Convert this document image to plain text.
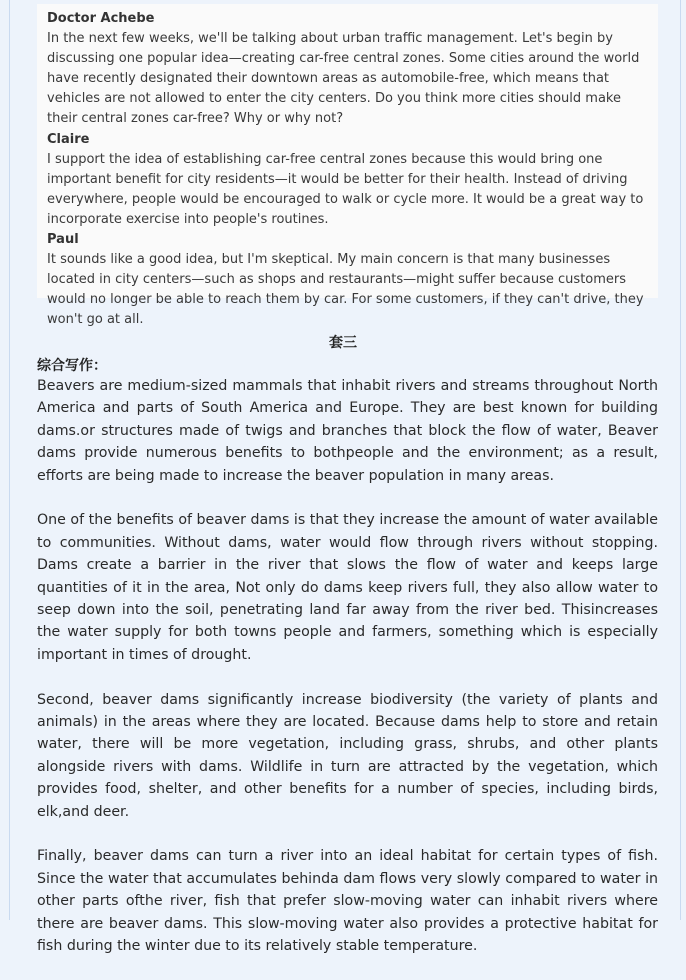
Doctor Achebe

In the next few weeks, we'll be talking about urban traffic management. Let's begin by discussing one popular idea—creating car-free central zones. Some cities around the world have recently designated their downtown areas as automobile-free, which means that vehicles are not allowed to enter the city centers. Do you think more cities should make their central zones car-free? Why or why not?

Claire

I support the idea of establishing car-free central zones because this would bring one important benefit for city residents—it would be better for their health. Instead of driving everywhere, people would be encouraged to walk or cycle more. It would be a great way to incorporate exercise into people's routines.

Paul

It sounds like a good idea, but I'm skeptical. My main concern is that many businesses located in city centers—such as shops and restaurants—might suffer because customers would no longer be able to reach them by car. For some customers, if they can't drive, they won't go at all.

套三
综合写作：

Beavers are medium-sized mammals that inhabit rivers and streams throughout North America and parts of South America and Europe. They are best known for building dams.or structures made of twigs and branches that block the flow of water, Beaver dams provide numerous benefits to bothpeople and the environment; as a result, efforts are being made to increase the beaver population in many areas.

One of the benefits of beaver dams is that they increase the amount of water available to communities. Without dams, water would flow through rivers without stopping. Dams create a barrier in the river that slows the flow of water and keeps large quantities of it in the area, Not only do dams keep rivers full, they also allow water to seep down into the soil, penetrating land far away from the river bed. Thisincreases the water supply for both towns people and farmers, something which is especially important in times of drought.

Second, beaver dams significantly increase biodiversity (the variety of plants and animals) in the areas where they are located. Because dams help to store and retain water, there will be more vegetation, including grass, shrubs, and other plants alongside rivers with dams. Wildlife in turn are attracted by the vegetation, which provides food, shelter, and other benefits for a number of species, including birds, elk,and deer.

Finally, beaver dams can turn a river into an ideal habitat for certain types of fish. Since the water that accumulates behinda dam flows very slowly compared to water in other parts ofthe river, fish that prefer slow-moving water can inhabit rivers where there are beaver dams. This slow-moving water also provides a protective habitat for fish during the winter due to its relatively stable temperature.
